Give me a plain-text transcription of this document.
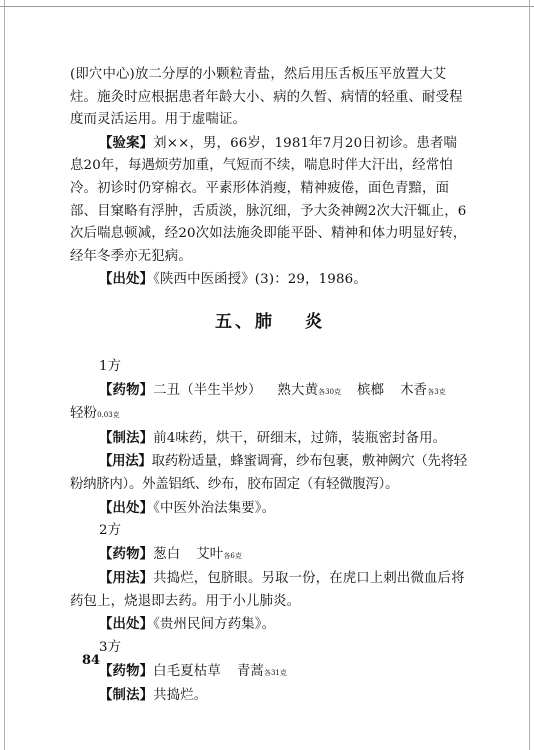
(即穴中心)放二分厚的小颗粒青盐，然后用压舌板压平放置大艾炷。施灸时应根据患者年龄大小、病的久暂、病情的轻重、耐受程度而灵活运用。用于虚喘证。

【验案】刘××，男，66岁，1981年7月20日初诊。患者喘息20年，每遇烦劳加重，气短而不续，喘息时伴大汗出，经常怕冷。初诊时仍穿棉衣。平素形体消瘦，精神疲倦，面色青黯，面部、目窠略有浮肿，舌质淡，脉沉细，予大灸神阙2次大汗辄止，6次后喘息顿减，经20次如法施灸即能平卧、精神和体力明显好转，经年冬季亦无犯病。

【出处】《陕西中医函授》(3)：29，1986。

五、肺 炎

1方

【药物】二丑（半生半炒） 熟大黄各30克 槟榔 木香各3克
轻粉0.03克

【制法】前4味药，烘干，研细末，过筛，装瓶密封备用。

【用法】取药粉适量，蜂蜜调膏，纱布包裹，敷神阙穴（先将轻粉纳脐内）。外盖铝纸、纱布，胶布固定（有轻微腹泻）。

【出处】《中医外治法集要》。

2方

【药物】葱白 艾叶各6克

【用法】共捣烂，包脐眼。另取一份，在虎口上刺出微血后将药包上，烧退即去药。用于小儿肺炎。

【出处】《贵州民间方药集》。

3方

【药物】白毛夏枯草 青蒿各31克

【制法】共捣烂。

84
